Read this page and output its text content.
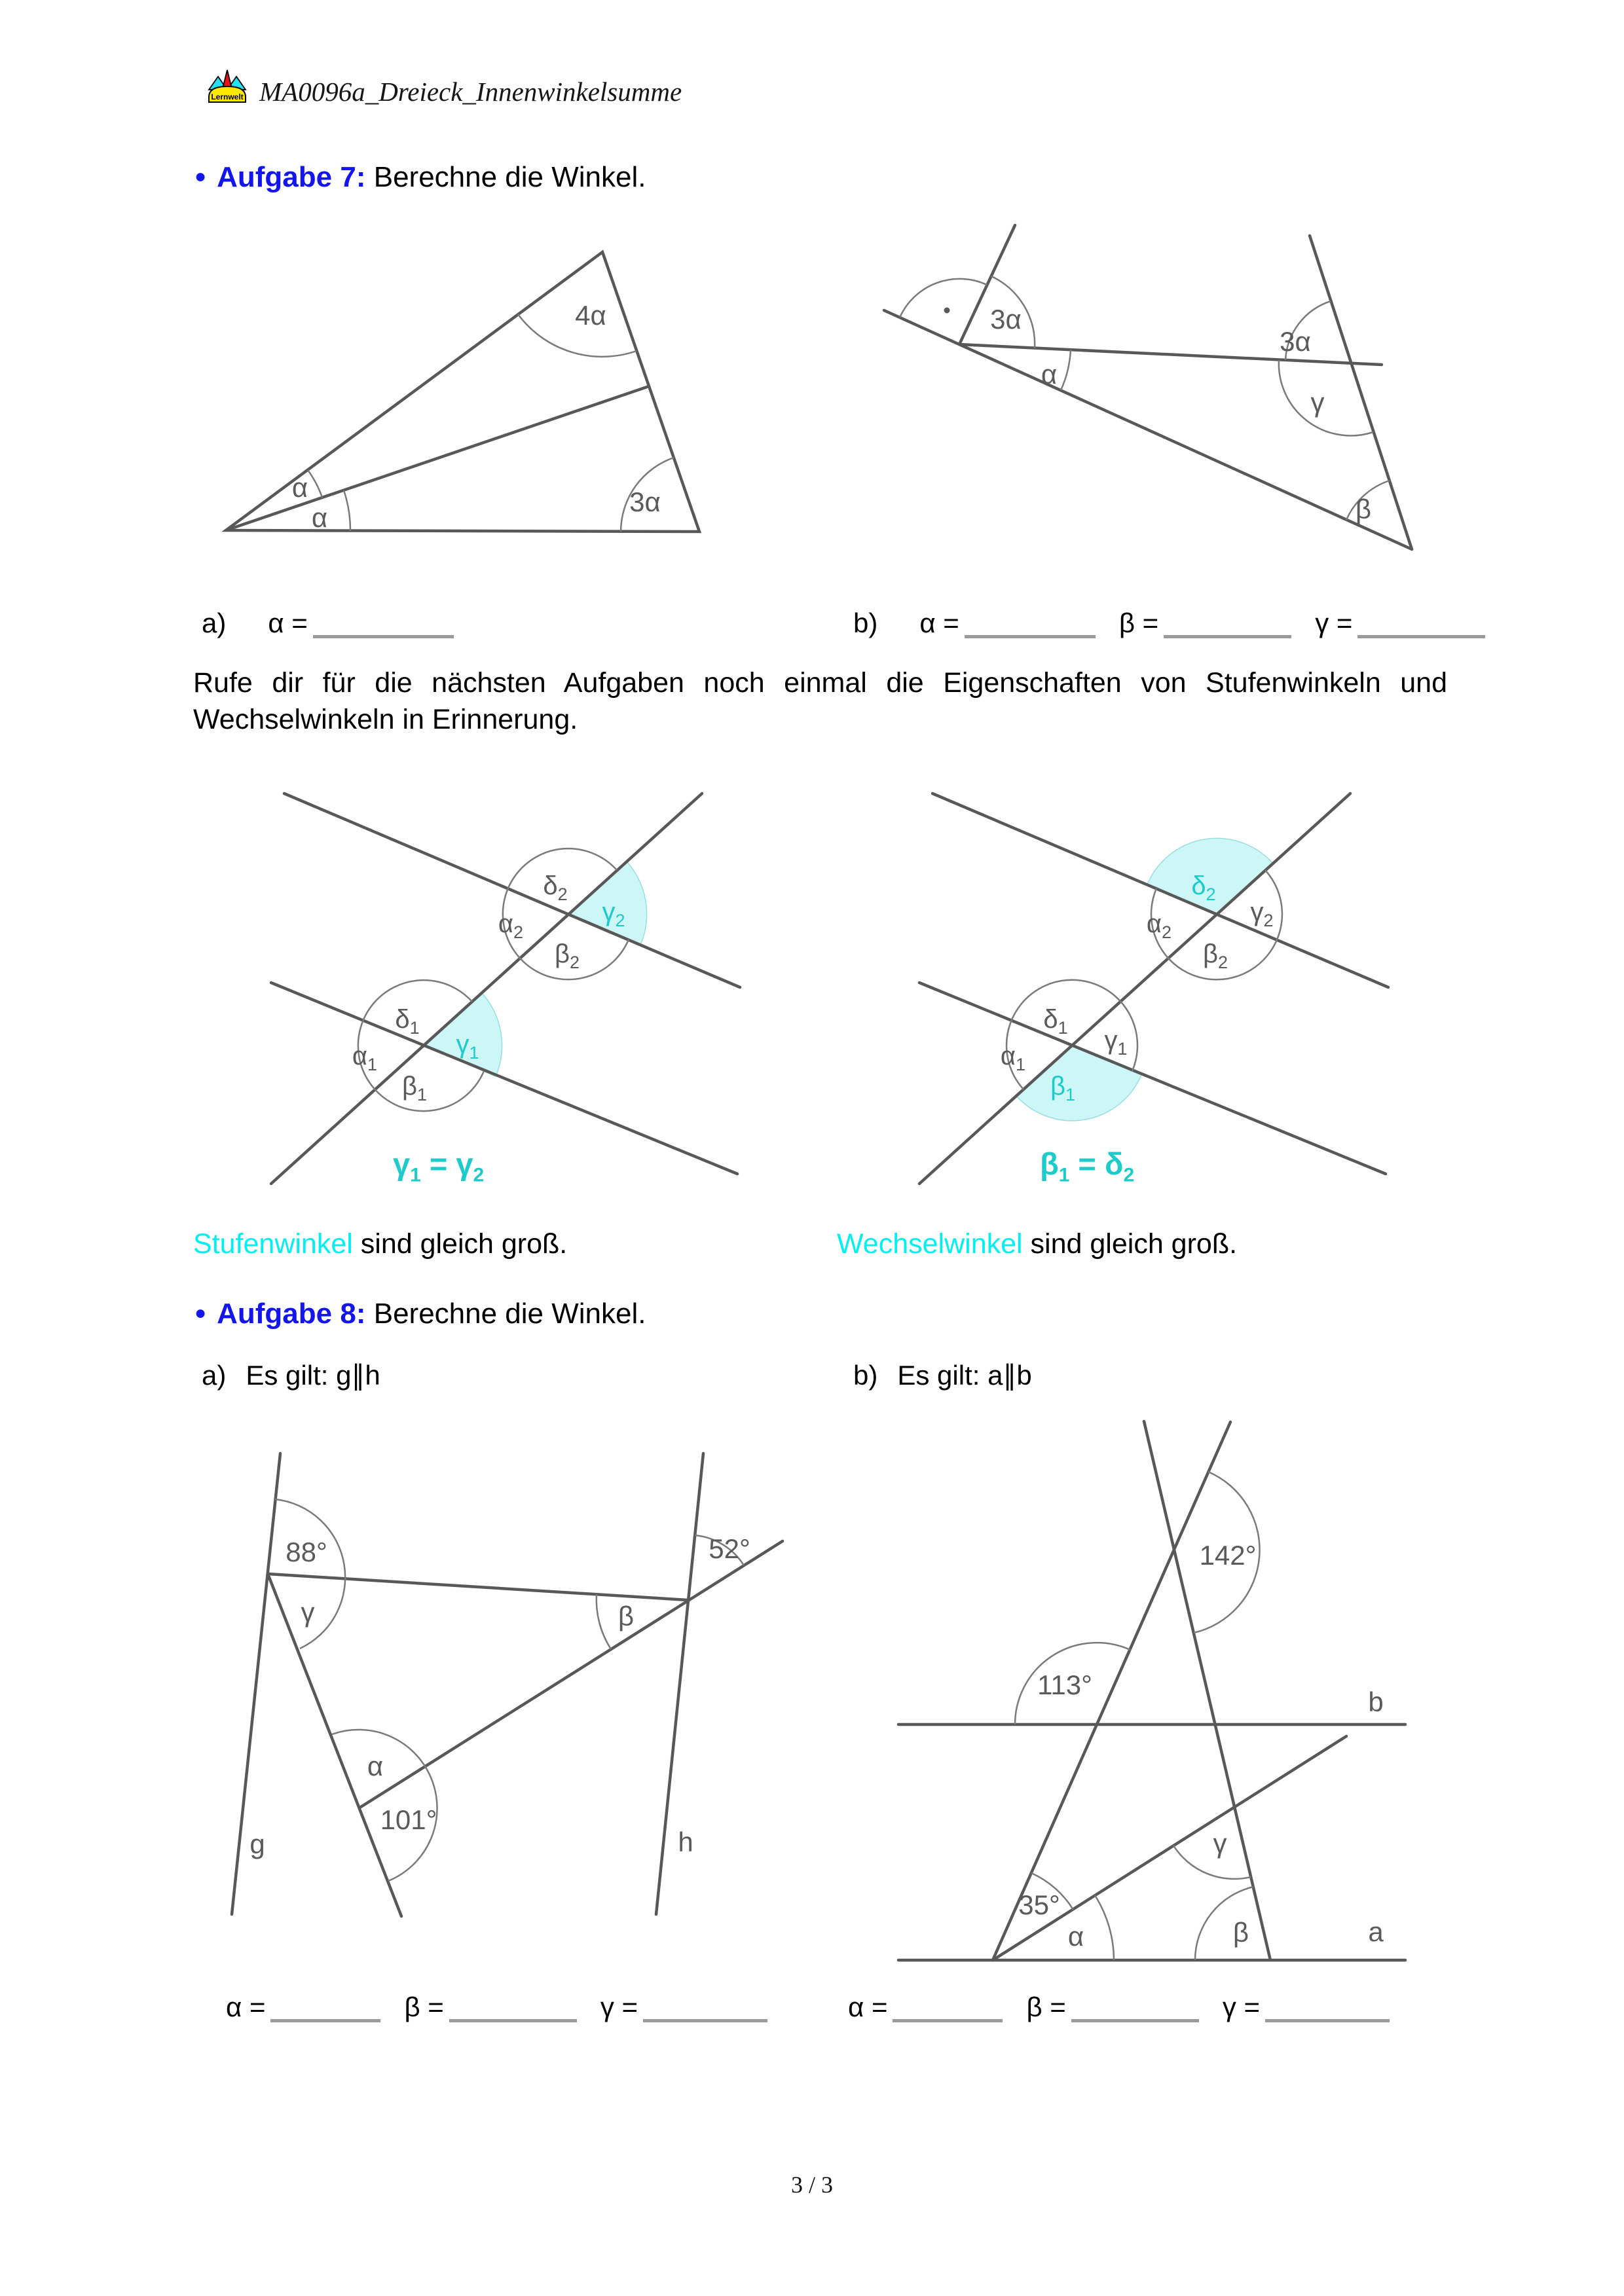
Lernwelt MA0096a_Dreieck_Innenwinkelsumme
● Aufgabe 7: Berechne die Winkel.
4α
α
α
3α
3α
α
3α
γ
β
a) α =	b) α =	β =	γ =
Rufe dir für die nächsten Aufgaben noch einmal die Eigenschaften von Stufenwinkeln und Wechselwinkeln in Erinnerung.
$\delta_2$
$\alpha_2$
$\beta_2$
$\gamma_2$
$\delta_1$
$\alpha_1$
$\beta_1$
$\gamma_1$
$\delta_2$
$\alpha_2$
$\beta_2$
$\gamma_2$
$\delta_1$
$\alpha_1$
$\gamma_1$
$\beta_1$
$\gamma_1 = \gamma_2$	$\beta_1 = \delta_2$
Stufenwinkel sind gleich groß.	Wechselwinkel sind gleich groß.
● Aufgabe 8: Berechne die Winkel.
a) Es gilt: g∥h	b) Es gilt: a∥b
88°
γ	β
52°
α
101°
g	h
142°
113°
b
γ
35°
α	β	a
α =	β =	γ =	α =	β =	γ =
3 / 3
